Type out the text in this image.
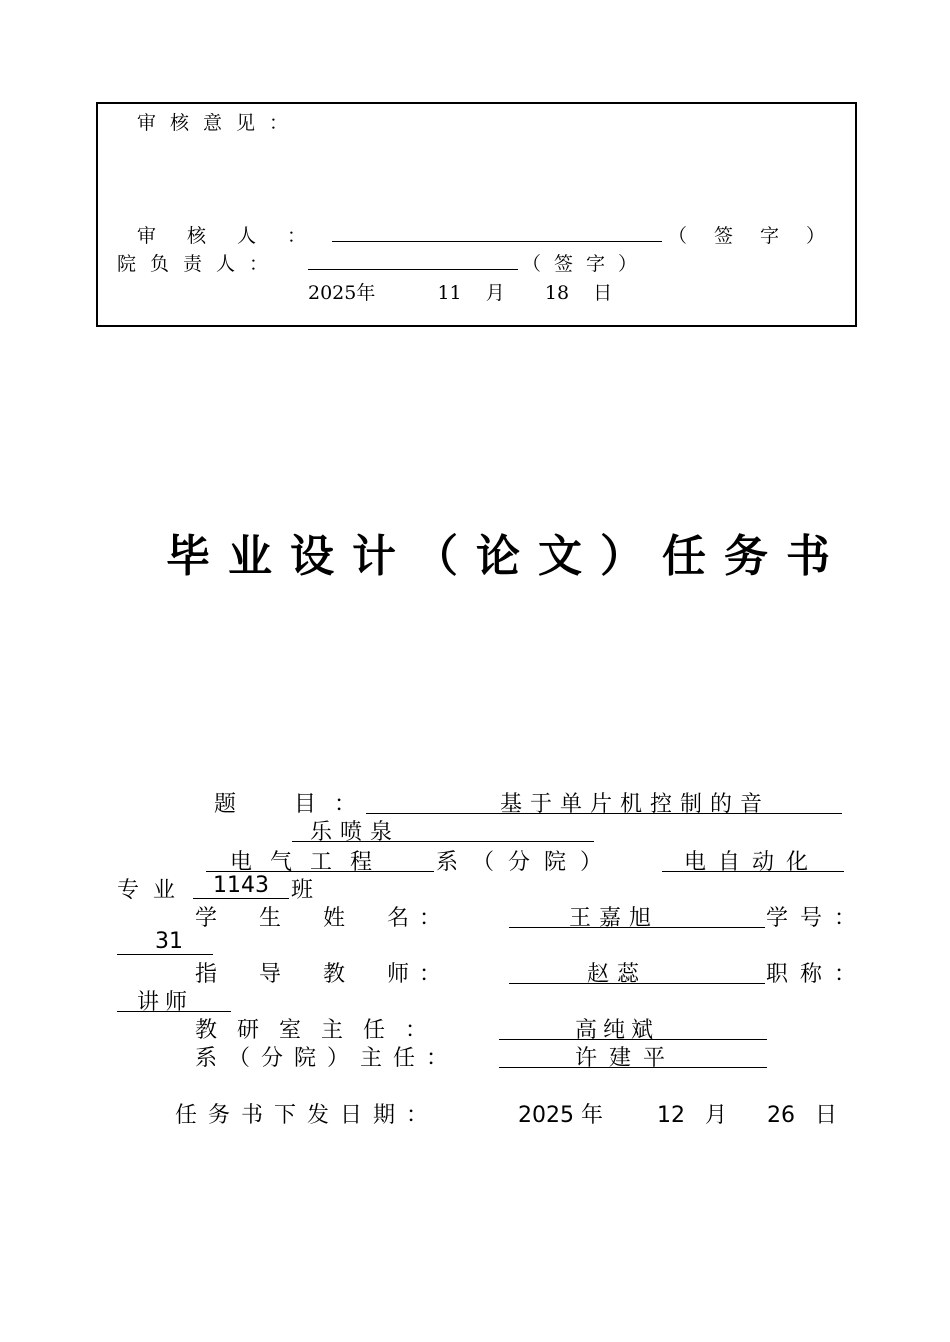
审核意见：
审　核　人　：	（　签　字　）
院负责人：	（签字）
2025年	11 月 18 日
毕业设计（论文）任务书
题　目：	基于单片机控制的音
乐喷泉
电气工程	系（分院）	电自动化
专业	1143	班
学　生　姓　名：	王嘉旭	学号：
31
指　导　教　师：	赵蕊	职称：
讲师
教研室主任：	高纯斌
系（分院）主任：	许建平
任务书下发日期：	2025 年 12 月 26 日
